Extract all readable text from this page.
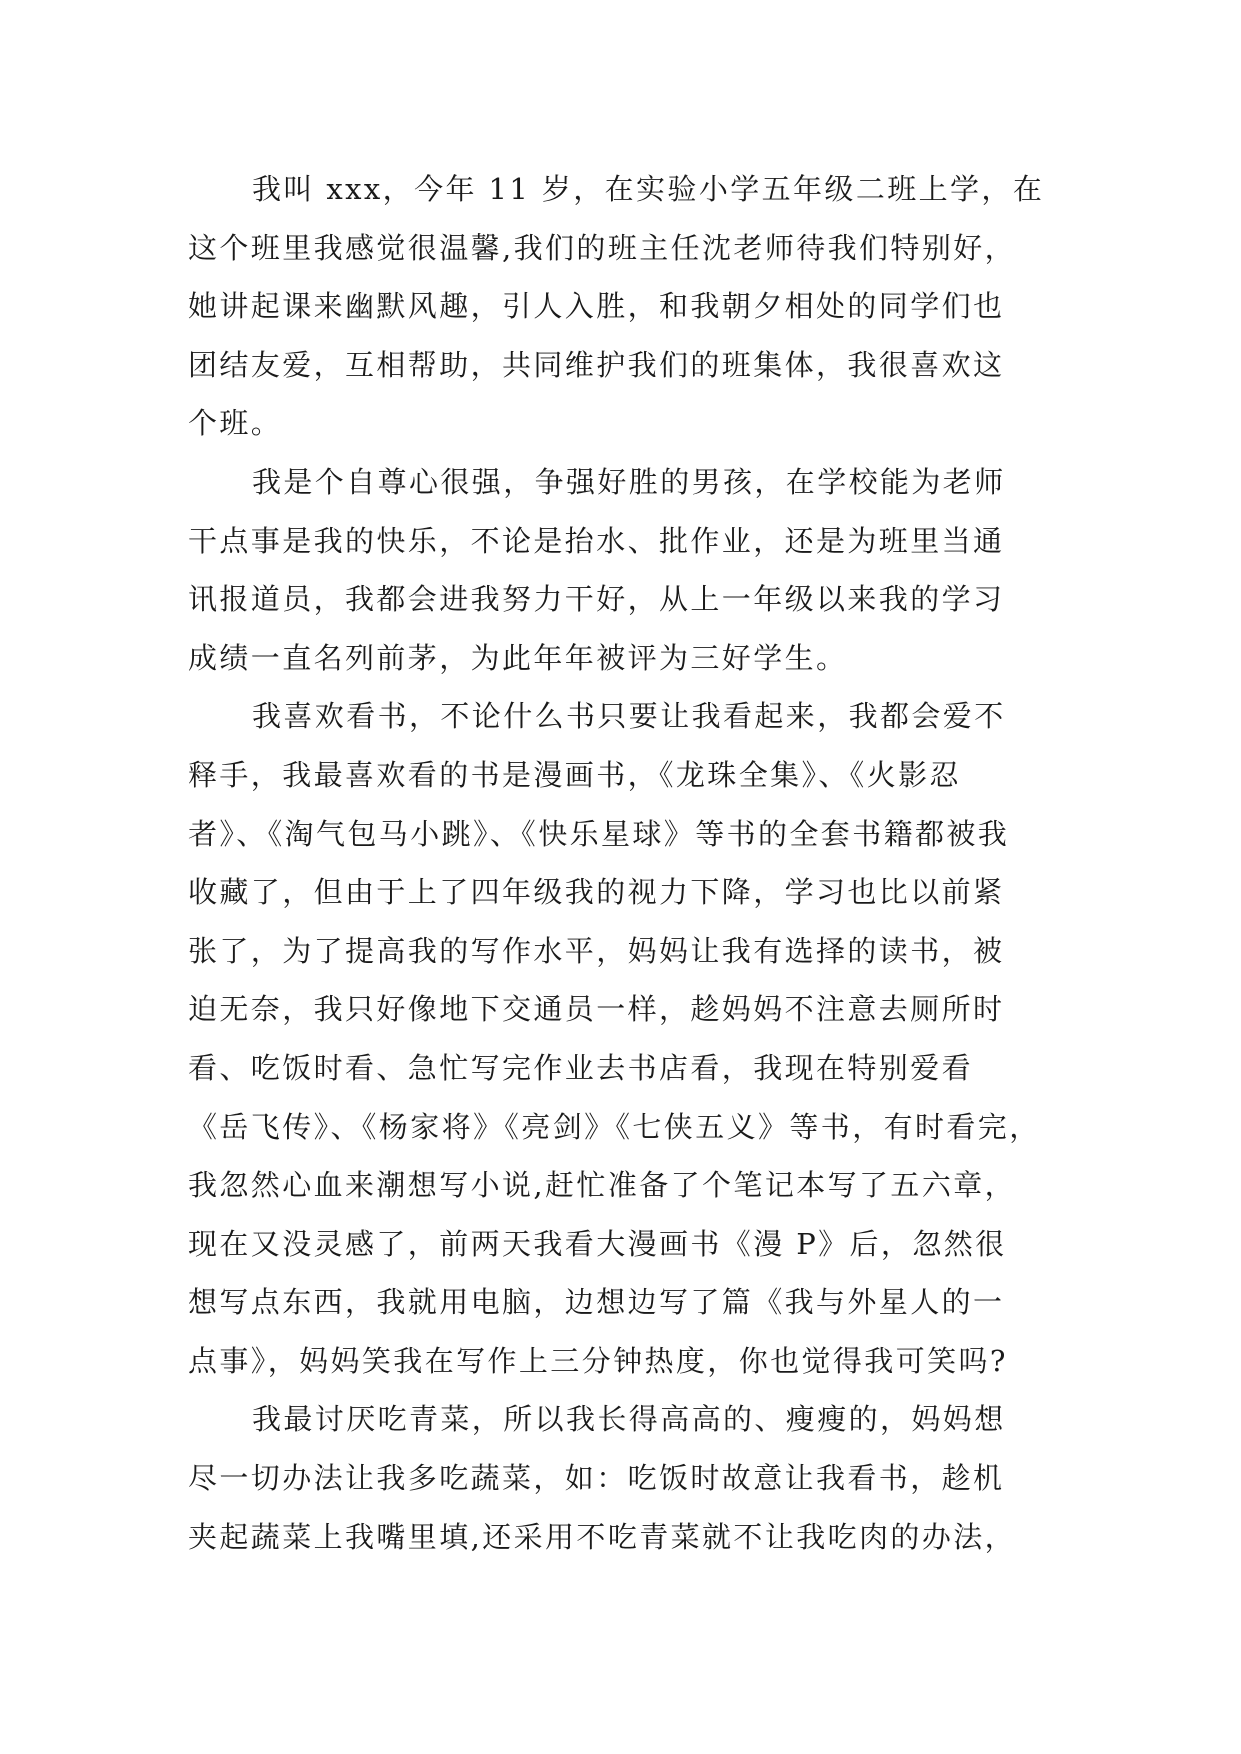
我叫 xxx，今年 11 岁，在实验小学五年级二班上学，在
这个班里我感觉很温馨,我们的班主任沈老师待我们特别好，
她讲起课来幽默风趣，引人入胜，和我朝夕相处的同学们也
团结友爱，互相帮助，共同维护我们的班集体，我很喜欢这
个班。
我是个自尊心很强，争强好胜的男孩，在学校能为老师
干点事是我的快乐，不论是抬水、批作业，还是为班里当通
讯报道员，我都会进我努力干好，从上一年级以来我的学习
成绩一直名列前茅，为此年年被评为三好学生。
我喜欢看书，不论什么书只要让我看起来，我都会爱不
释手，我最喜欢看的书是漫画书，《龙珠全集》、《火影忍
者》、《淘气包马小跳》、《快乐星球》等书的全套书籍都被我
收藏了，但由于上了四年级我的视力下降，学习也比以前紧
张了，为了提高我的写作水平，妈妈让我有选择的读书，被
迫无奈，我只好像地下交通员一样，趁妈妈不注意去厕所时
看、吃饭时看、急忙写完作业去书店看，我现在特别爱看
《岳飞传》、《杨家将》《亮剑》《七侠五义》等书，有时看完，
我忽然心血来潮想写小说,赶忙准备了个笔记本写了五六章，
现在又没灵感了，前两天我看大漫画书《漫 P》后，忽然很
想写点东西，我就用电脑，边想边写了篇《我与外星人的一
点事》，妈妈笑我在写作上三分钟热度，你也觉得我可笑吗?
我最讨厌吃青菜，所以我长得高高的、瘦瘦的，妈妈想
尽一切办法让我多吃蔬菜，如：吃饭时故意让我看书，趁机
夹起蔬菜上我嘴里填,还采用不吃青菜就不让我吃肉的办法，
